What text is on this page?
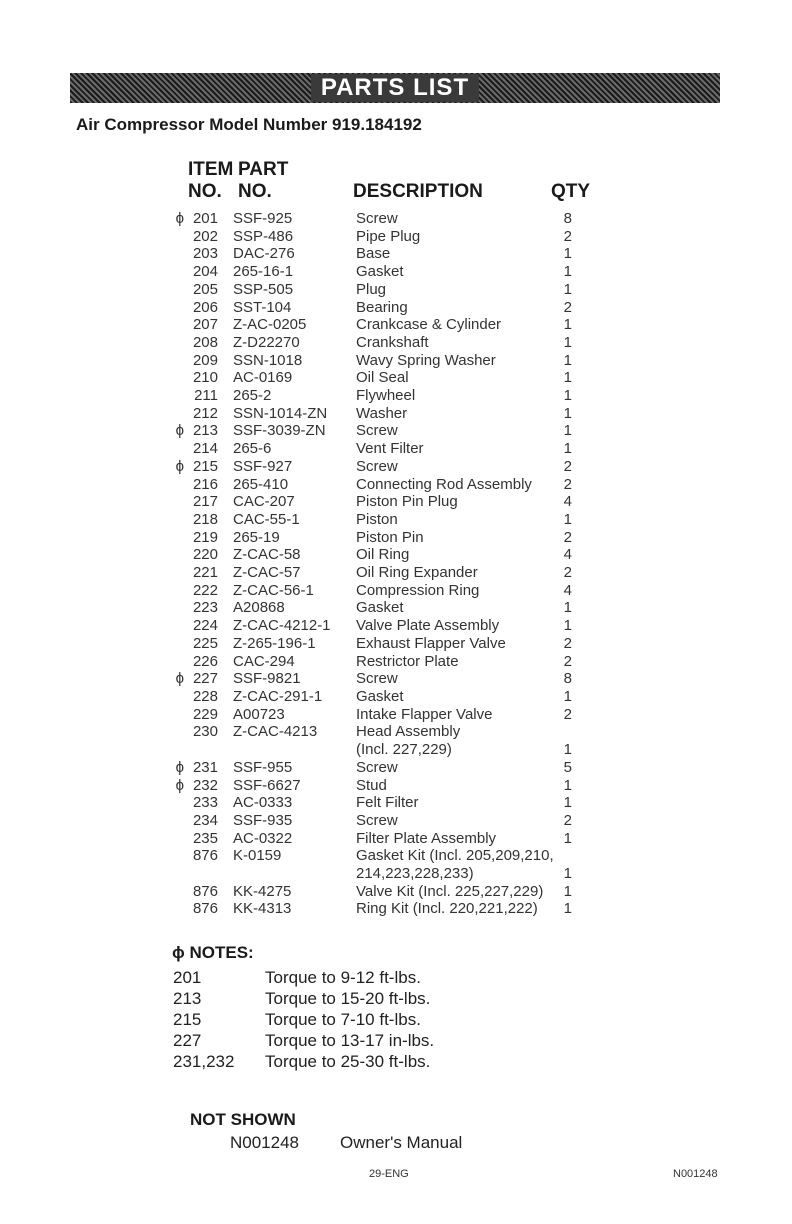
PARTS LIST
Air Compressor Model Number 919.184192
ITEM
NO.
PART
NO.	DESCRIPTION	QTY
ϕ 201	SSF-925	Screw	8
202	SSP-486	Pipe Plug	2
203	DAC-276	Base	1
204	265-16-1	Gasket	1
205	SSP-505	Plug	1
206	SST-104	Bearing	2
207	Z-AC-0205	Crankcase & Cylinder	1
208	Z-D22270	Crankshaft	1
209	SSN-1018	Wavy Spring Washer	1
210	AC-0169	Oil Seal	1
211	265-2	Flywheel	1
212	SSN-1014-ZN	Washer	1
ϕ 213	SSF-3039-ZN	Screw	1
214	265-6	Vent Filter	1
ϕ 215	SSF-927	Screw	2
216	265-410	Connecting Rod Assembly	2
217	CAC-207	Piston Pin Plug	4
218	CAC-55-1	Piston	1
219	265-19	Piston Pin	2
220	Z-CAC-58	Oil Ring	4
221	Z-CAC-57	Oil Ring Expander	2
222	Z-CAC-56-1	Compression Ring	4
223	A20868	Gasket	1
224	Z-CAC-4212-1	Valve Plate Assembly	1
225	Z-265-196-1	Exhaust Flapper Valve	2
226	CAC-294	Restrictor Plate	2
ϕ 227	SSF-9821	Screw	8
228	Z-CAC-291-1	Gasket	1
229	A00723	Intake Flapper Valve	2
230	Z-CAC-4213	Head Assembly
(Incl. 227,229)	1
ϕ 231	SSF-955	Screw	5
ϕ 232	SSF-6627	Stud	1
233	AC-0333	Felt Filter	1
234	SSF-935	Screw	2
235	AC-0322	Filter Plate Assembly	1
876	K-0159	Gasket Kit (Incl. 205,209,210,
214,223,228,233)	1
876	KK-4275	Valve Kit (Incl. 225,227,229)	1
876	KK-4313	Ring Kit (Incl. 220,221,222)	1
ϕ NOTES:
201	Torque to 9-12 ft-lbs.
213	Torque to 15-20 ft-lbs.
215	Torque to 7-10 ft-lbs.
227	Torque to 13-17 in-lbs.
231,232	Torque to 25-30 ft-lbs.
NOT SHOWN
N001248	Owner's Manual
29-ENG	N001248
